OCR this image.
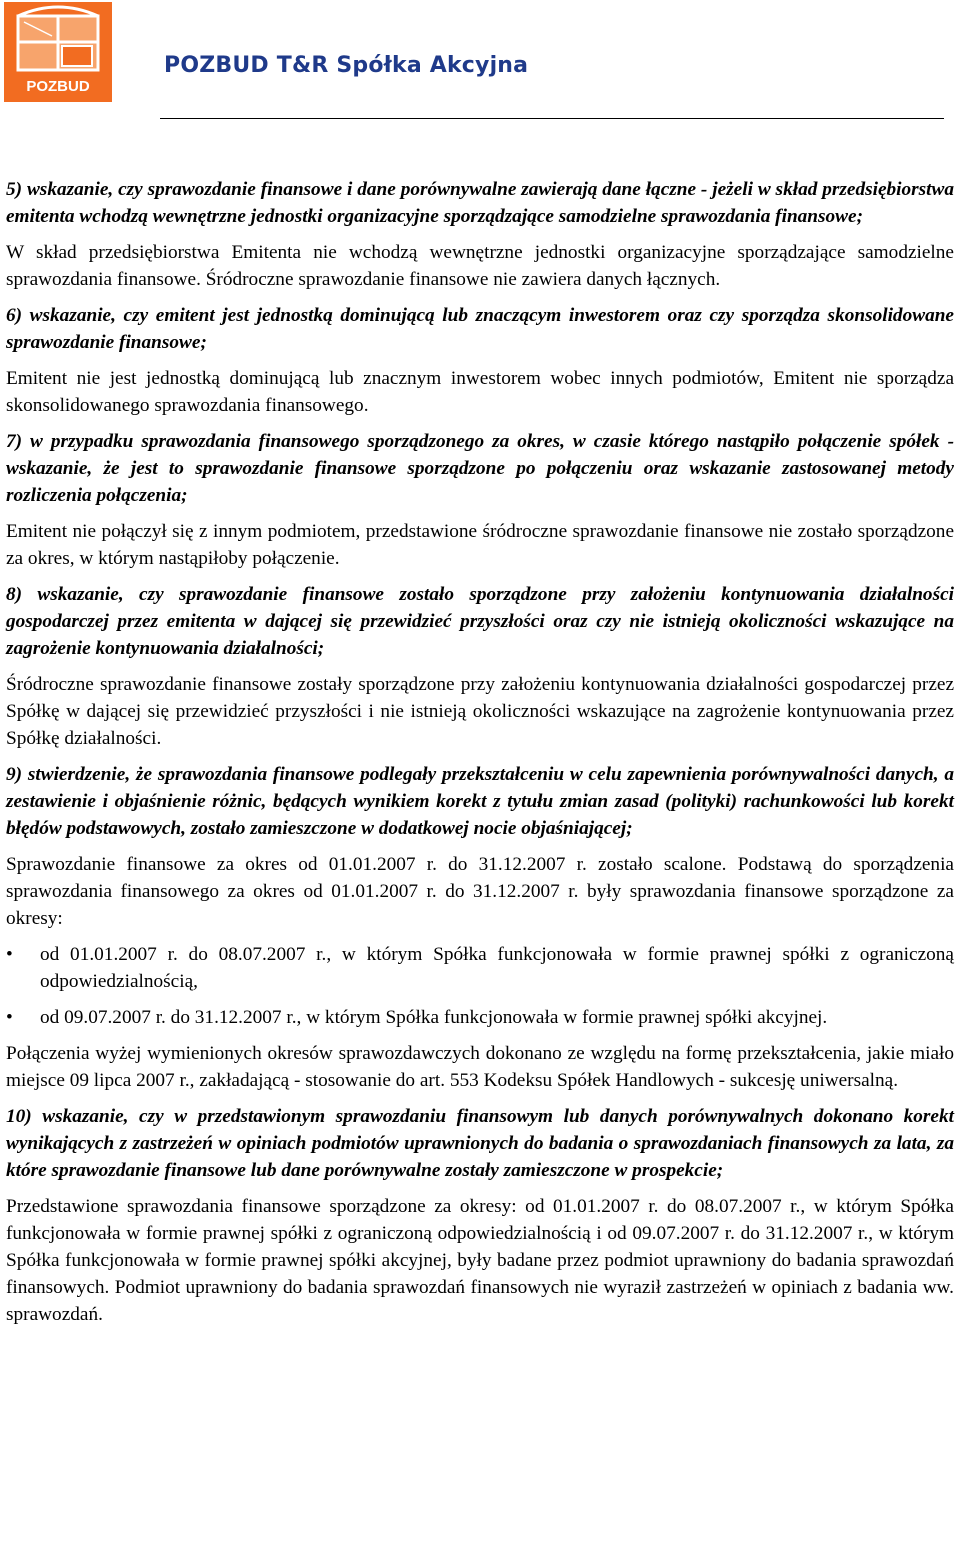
POZBUD
POZBUD T&R Spółka Akcyjna

5) wskazanie, czy sprawozdanie finansowe i dane porównywalne zawierają dane łączne - jeżeli w skład przedsiębiorstwa emitenta wchodzą wewnętrzne jednostki organizacyjne sporządzające samodzielne sprawozdania finansowe;

W skład przedsiębiorstwa Emitenta nie wchodzą wewnętrzne jednostki organizacyjne sporządzające samodzielne sprawozdania finansowe. Śródroczne sprawozdanie finansowe nie zawiera danych łącznych.

6) wskazanie, czy emitent jest jednostką dominującą lub znaczącym inwestorem oraz czy sporządza skonsolidowane sprawozdanie finansowe;

Emitent nie jest jednostką dominującą lub znacznym inwestorem wobec innych podmiotów, Emitent nie sporządza skonsolidowanego sprawozdania finansowego.

7) w przypadku sprawozdania finansowego sporządzonego za okres, w czasie którego nastąpiło połączenie spółek - wskazanie, że jest to sprawozdanie finansowe sporządzone po połączeniu oraz wskazanie zastosowanej metody rozliczenia połączenia;

Emitent nie połączył się z innym podmiotem, przedstawione śródroczne sprawozdanie finansowe nie zostało sporządzone za okres, w którym nastąpiłoby połączenie.

8) wskazanie, czy sprawozdanie finansowe zostało sporządzone przy założeniu kontynuowania działalności gospodarczej przez emitenta w dającej się przewidzieć przyszłości oraz czy nie istnieją okoliczności wskazujące na zagrożenie kontynuowania działalności;

Śródroczne sprawozdanie finansowe zostały sporządzone przy założeniu kontynuowania działalności gospodarczej przez Spółkę w dającej się przewidzieć przyszłości i nie istnieją okoliczności wskazujące na zagrożenie kontynuowania przez Spółkę działalności.

9) stwierdzenie, że sprawozdania finansowe podlegały przekształceniu w celu zapewnienia porównywalności danych, a zestawienie i objaśnienie różnic, będących wynikiem korekt z tytułu zmian zasad (polityki) rachunkowości lub korekt błędów podstawowych, zostało zamieszczone w dodatkowej nocie objaśniającej;

Sprawozdanie finansowe za okres od 01.01.2007 r. do 31.12.2007 r. zostało scalone. Podstawą do sporządzenia sprawozdania finansowego za okres od 01.01.2007 r. do 31.12.2007 r. były sprawozdania finansowe sporządzone za okresy:

• od 01.01.2007 r. do 08.07.2007 r., w którym Spółka funkcjonowała w formie prawnej spółki z ograniczoną odpowiedzialnością,
• od 09.07.2007 r. do 31.12.2007 r., w którym Spółka funkcjonowała w formie prawnej spółki akcyjnej.

Połączenia wyżej wymienionych okresów sprawozdawczych dokonano ze względu na formę przekształcenia, jakie miało miejsce 09 lipca 2007 r., zakładającą - stosowanie do art. 553 Kodeksu Spółek Handlowych - sukcesję uniwersalną.

10) wskazanie, czy w przedstawionym sprawozdaniu finansowym lub danych porównywalnych dokonano korekt wynikających z zastrzeżeń w opiniach podmiotów uprawnionych do badania o sprawozdaniach finansowych za lata, za które sprawozdanie finansowe lub dane porównywalne zostały zamieszczone w prospekcie;

Przedstawione sprawozdania finansowe sporządzone za okresy: od 01.01.2007 r. do 08.07.2007 r., w którym Spółka funkcjonowała w formie prawnej spółki z ograniczoną odpowiedzialnością i od 09.07.2007 r. do 31.12.2007 r., w którym Spółka funkcjonowała w formie prawnej spółki akcyjnej, były badane przez podmiot uprawniony do badania sprawozdań finansowych. Podmiot uprawniony do badania sprawozdań finansowych nie wyraził zastrzeżeń w opiniach z badania ww. sprawozdań.
